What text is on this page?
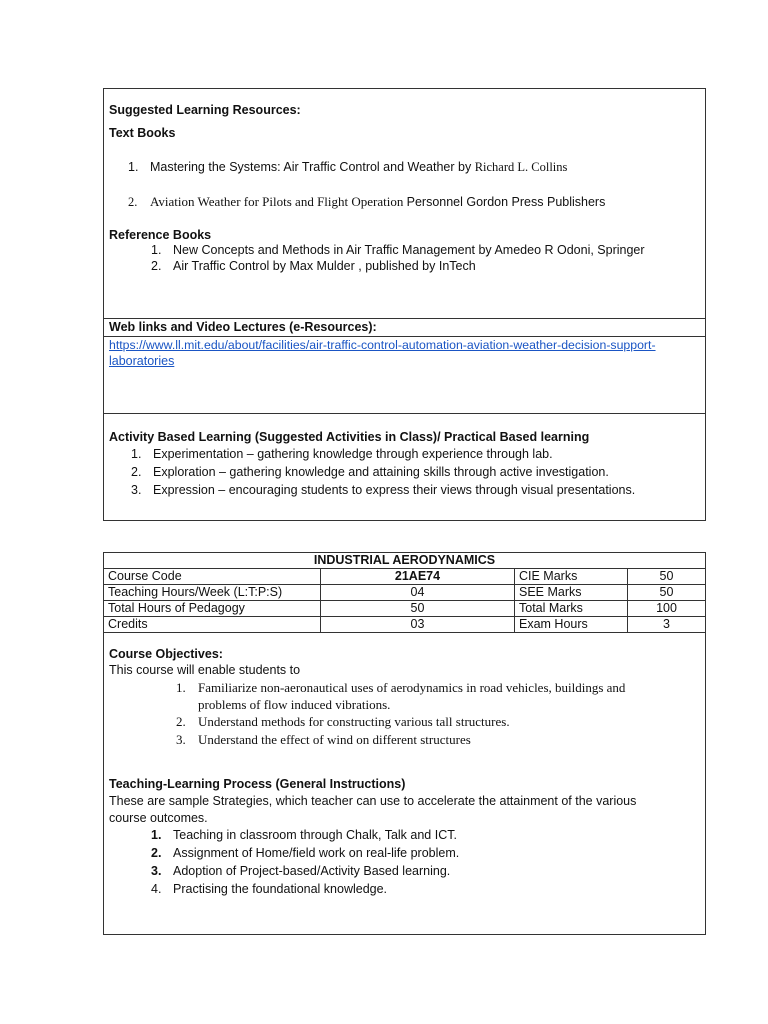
Suggested Learning Resources:
Text Books
1. Mastering the Systems: Air Traffic Control and Weather by Richard L. Collins
2. Aviation Weather for Pilots and Flight Operation Personnel Gordon Press Publishers
Reference Books
1. New Concepts and Methods in Air Traffic Management by Amedeo R Odoni, Springer
2. Air Traffic Control by Max Mulder , published by InTech
Web links and Video Lectures (e-Resources):
https://www.ll.mit.edu/about/facilities/air-traffic-control-automation-aviation-weather-decision-support-
laboratories
Activity Based Learning (Suggested Activities in Class)/ Practical Based learning
1. Experimentation – gathering knowledge through experience through lab.
2. Exploration – gathering knowledge and attaining skills through active investigation.
3. Expression – encouraging students to express their views through visual presentations.
INDUSTRIAL AERODYNAMICS			
Course Code	21AE74	CIE Marks	50
Teaching Hours/Week (L:T:P:S)	04	SEE Marks	50
Total Hours of Pedagogy	50	Total Marks	100
Credits	03	Exam Hours	3
Course Objectives:
This course will enable students to
1. Familiarize non-aeronautical uses of aerodynamics in road vehicles, buildings and
problems of flow induced vibrations.
2. Understand methods for constructing various tall structures.
3. Understand the effect of wind on different structures
Teaching-Learning Process (General Instructions)
These are sample Strategies, which teacher can use to accelerate the attainment of the various
course outcomes.
1. Teaching in classroom through Chalk, Talk and ICT.
2. Assignment of Home/field work on real-life problem.
3. Adoption of Project-based/Activity Based learning.
4. Practising the foundational knowledge.
